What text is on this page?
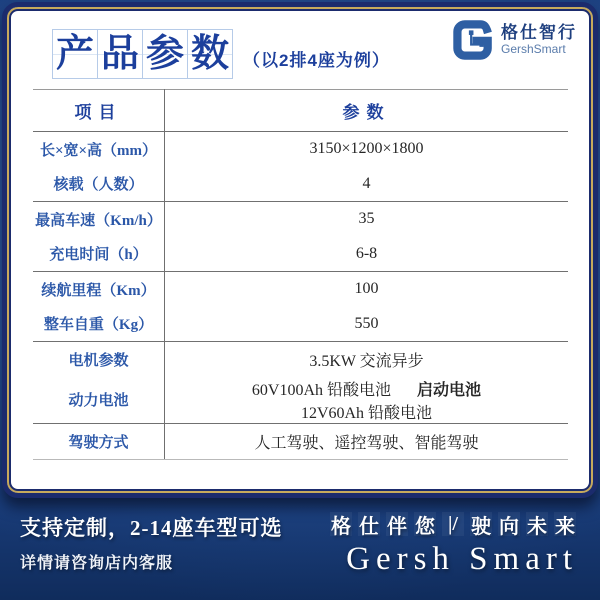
产 品 参 数 （以2排4座为例）
格仕智行
GershSmart
项目	参数
长×宽×高（mm）	3150×1200×1800
核载（人数）	4
最高车速（Km/h）	35
充电时间（h）	6-8
续航里程（Km）	100
整车自重（Kg）	550
电机参数	3.5KW 交流异步
动力电池	60V100Ah 铅酸电池 启动电池12V60Ah 铅酸电池
驾驶方式	人工驾驶、遥控驾驶、智能驾驶
支持定制，2-14座车型可选
详情请咨询店内客服
格 仕 伴 您 |/ 驶 向 未 来
Gersh Smart
